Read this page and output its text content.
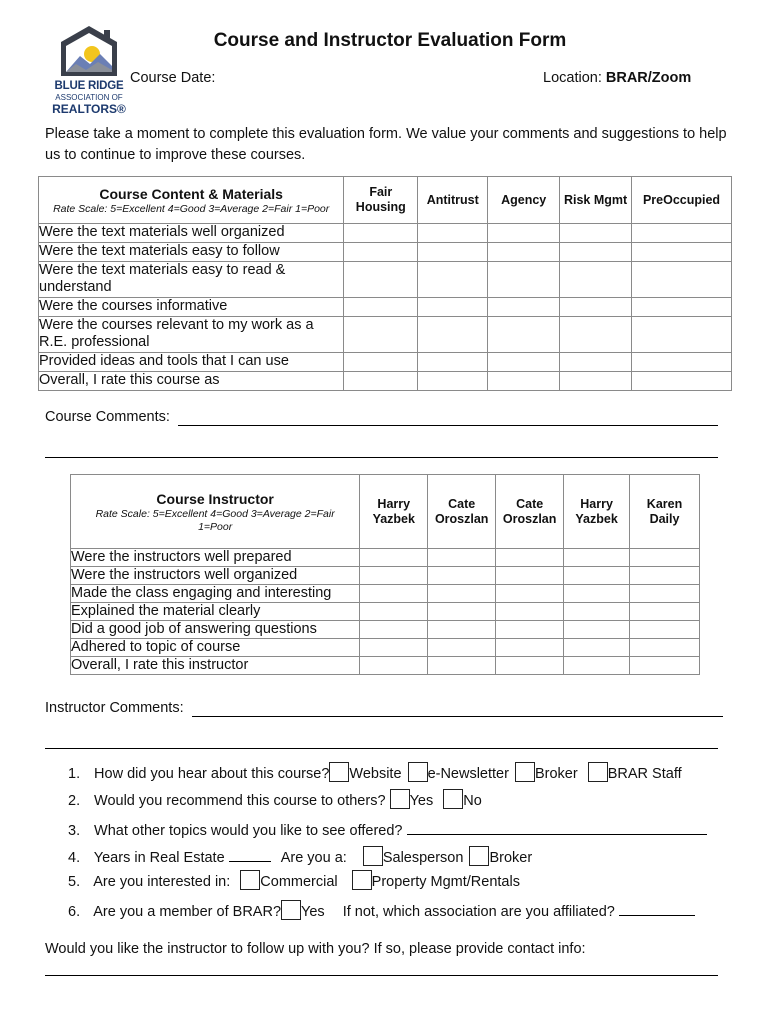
BLUE RIDGE
ASSOCIATION OF
REALTORS®
Course and Instructor Evaluation Form
Course Date:	Location: BRAR/Zoom
Please take a moment to complete this evaluation form. We value your comments and suggestions to help us to continue to improve these courses.
Course Content & Materials
Rate Scale: 5=Excellent 4=Good 3=Average 2=Fair 1=Poor	Fair Housing	Antitrust	Agency	Risk Mgmt	PreOccupied
Were the text materials well organized					
Were the text materials easy to follow					
Were the text materials easy to read & understand					
Were the courses informative					
Were the courses relevant to my work as a R.E. professional					
Provided ideas and tools that I can use					
Overall, I rate this course as					
Course Comments:
Course Instructor
Rate Scale: 5=Excellent 4=Good 3=Average 2=Fair 1=Poor	Harry Yazbek	Cate Oroszlan	Cate Oroszlan	Harry Yazbek	Karen Daily
Were the instructors well prepared					
Were the instructors well organized					
Made the class engaging and interesting					
Explained the material clearly					
Did a good job of answering questions					
Adhered to topic of course					
Overall, I rate this instructor					
Instructor Comments:
1. How did you hear about this course? Website e-Newsletter Broker BRAR Staff
2. Would you recommend this course to others? Yes No
3. What other topics would you like to see offered?
4. Years in Real Estate	Are you a: Salesperson Broker
5. Are you interested in: Commercial Property Mgmt/Rentals
6. Are you a member of BRAR? Yes If not, which association are you affiliated?
Would you like the instructor to follow up with you? If so, please provide contact info:
